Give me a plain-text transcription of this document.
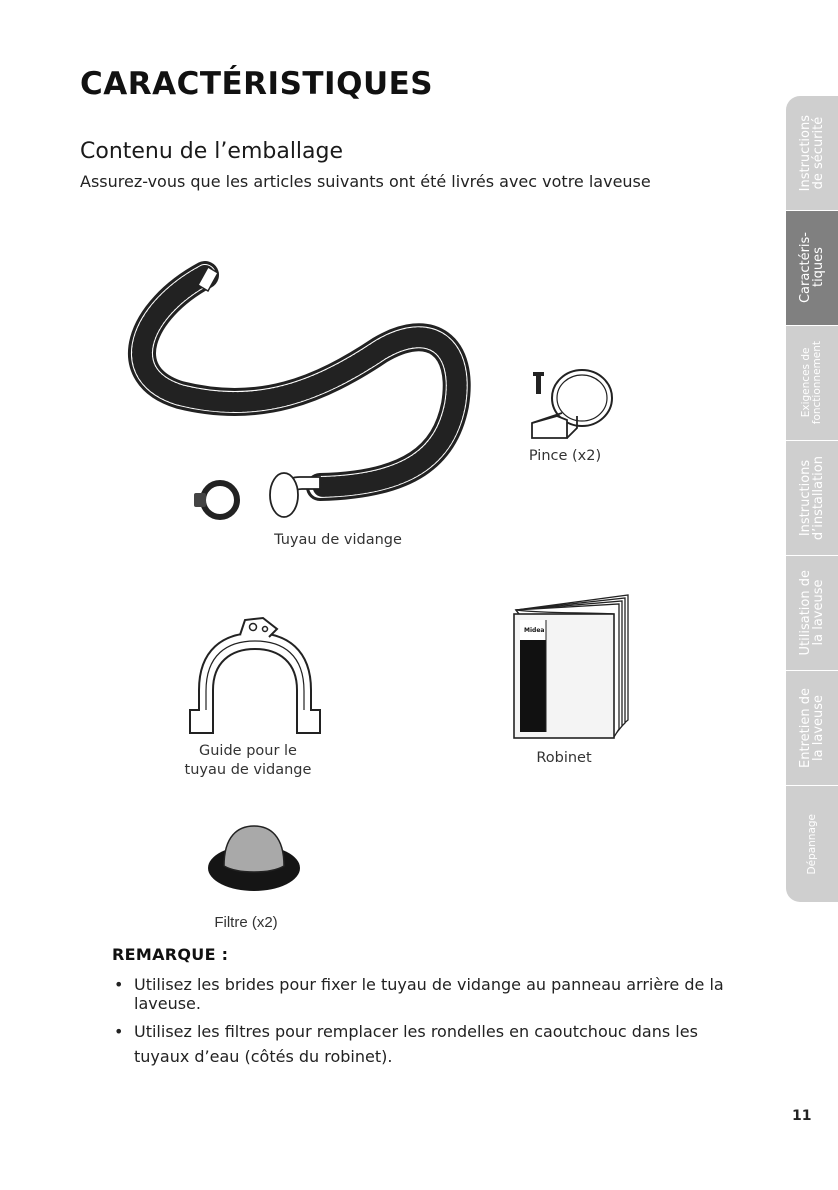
CARACTÉRISTIQUES
Contenu de l’emballage

Assurez-vous que les articles suivants ont été livrés avec votre laveuse

Tuyau de vidange
Pince (x2)
Guide pour le
tuyau de vidange
Midea
Robinet
Filtre (x2)
REMARQUE :
• Utilisez les brides pour fixer le tuyau de vidange au panneau arrière de la laveuse.
• Utilisez les filtres pour remplacer les rondelles en caoutchouc dans les tuyaux d’eau (côtés du robinet).
11
Instructions
de sécurité
Caractéris-
tiques
Exigences de
fonctionnement
Instructions
d’installation
Utilisation de
la laveuse
Entretien de
la laveuse
Dépannage
